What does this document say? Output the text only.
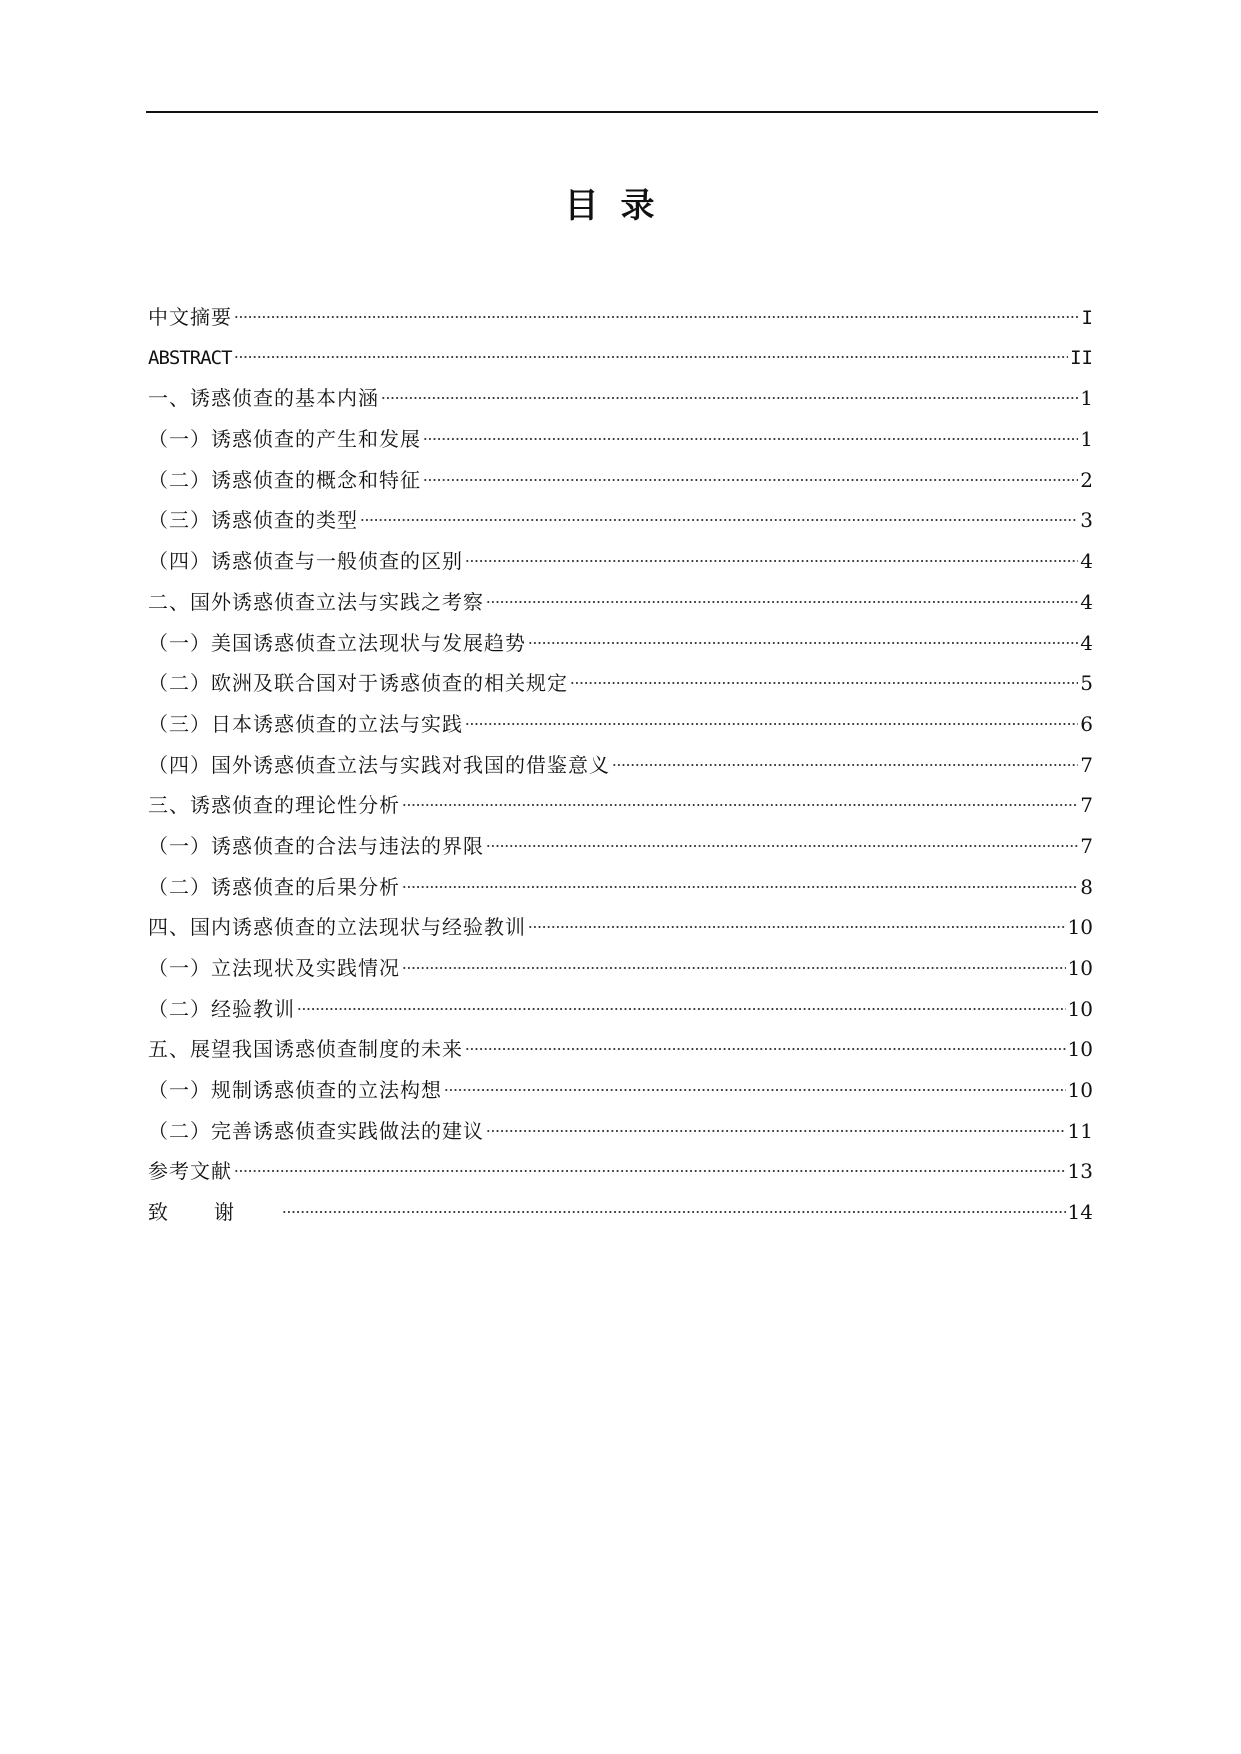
目录
中文摘要	I
ABSTRACT	II
一、诱惑侦查的基本内涵	1
（一）诱惑侦查的产生和发展	1
（二）诱惑侦查的概念和特征	2
（三）诱惑侦查的类型	3
（四）诱惑侦查与一般侦查的区别	4
二、国外诱惑侦查立法与实践之考察	4
（一）美国诱惑侦查立法现状与发展趋势	4
（二）欧洲及联合国对于诱惑侦查的相关规定	5
（三）日本诱惑侦查的立法与实践	6
（四）国外诱惑侦查立法与实践对我国的借鉴意义	7
三、诱惑侦查的理论性分析	7
（一）诱惑侦查的合法与违法的界限	7
（二）诱惑侦查的后果分析	8
四、国内诱惑侦查的立法现状与经验教训	10
（一）立法现状及实践情况	10
（二）经验教训	10
五、展望我国诱惑侦查制度的未来	10
（一）规制诱惑侦查的立法构想	10
（二）完善诱惑侦查实践做法的建议	11
参考文献	13
致谢	14
